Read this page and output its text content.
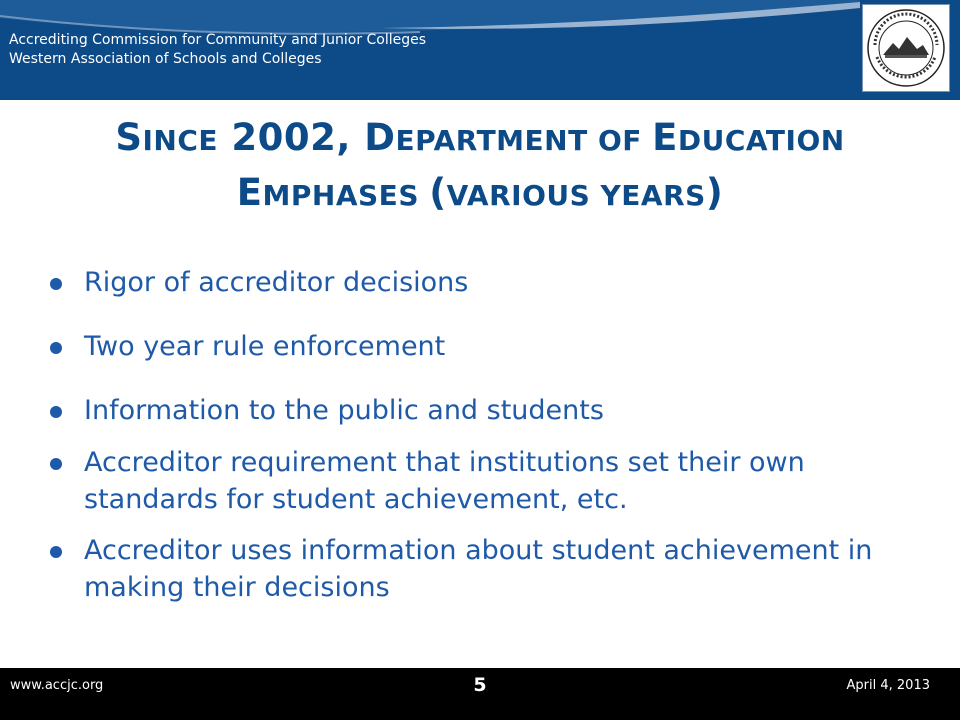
Accrediting Commission for Community and Junior Colleges
Western Association of Schools and Colleges
SINCE 2002, DEPARTMENT OF EDUCATION
EMPHASES (VARIOUS YEARS)
Rigor of accreditor decisions
Two year rule enforcement
Information to the public and students
Accreditor requirement that institutions set their own standards for student achievement, etc.
Accreditor uses information about student achievement in making their decisions
www.accjc.org	5	April 4, 2013
